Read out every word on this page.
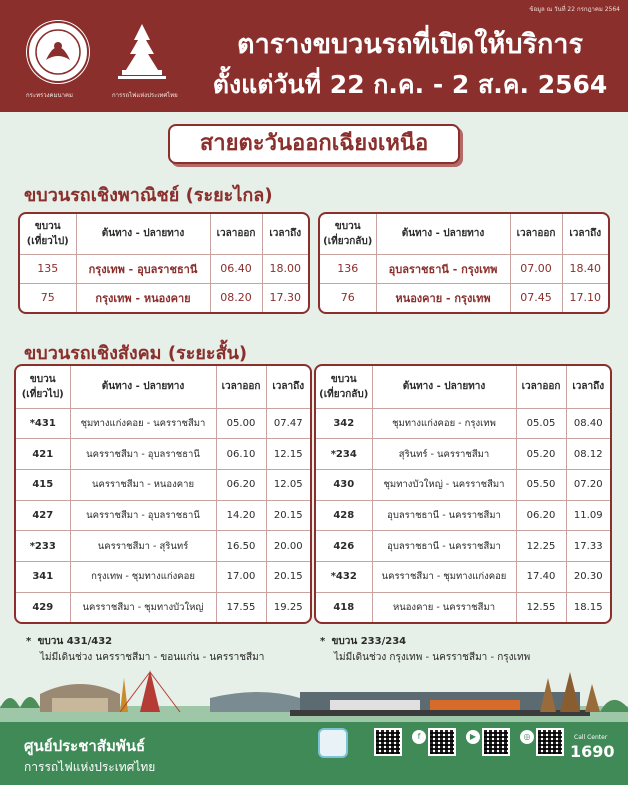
ข้อมูล ณ วันที่ 22 กรกฎาคม 2564
กระทรวงคมนาคม	การรถไฟแห่งประเทศไทย
ตารางขบวนรถที่เปิดให้บริการ
ตั้งแต่วันที่ 22 ก.ค. - 2 ส.ค. 2564
สายตะวันออกเฉียงเหนือ
ขบวนรถเชิงพาณิชย์ (ระยะไกล)
ขบวน (เที่ยวไป)	ต้นทาง - ปลายทาง	เวลาออก	เวลาถึง
135	กรุงเทพ - อุบลราชธานี	06.40	18.00
75	กรุงเทพ - หนองคาย	08.20	17.30
ขบวน (เที่ยวกลับ)	ต้นทาง - ปลายทาง	เวลาออก	เวลาถึง
136	อุบลราชธานี - กรุงเทพ	07.00	18.40
76	หนองคาย - กรุงเทพ	07.45	17.10
ขบวนรถเชิงสังคม (ระยะสั้น)
ขบวน (เที่ยวไป)	ต้นทาง - ปลายทาง	เวลาออก	เวลาถึง
*431	ชุมทางแก่งคอย - นครราชสีมา	05.00	07.47
421	นครราชสีมา - อุบลราชธานี	06.10	12.15
415	นครราชสีมา - หนองคาย	06.20	12.05
427	นครราชสีมา - อุบลราชธานี	14.20	20.15
*233	นครราชสีมา - สุรินทร์	16.50	20.00
341	กรุงเทพ - ชุมทางแก่งคอย	17.00	20.15
429	นครราชสีมา - ชุมทางบัวใหญ่	17.55	19.25
ขบวน (เที่ยวกลับ)	ต้นทาง - ปลายทาง	เวลาออก	เวลาถึง
342	ชุมทางแก่งคอย - กรุงเทพ	05.05	08.40
*234	สุรินทร์ - นครราชสีมา	05.20	08.12
430	ชุมทางบัวใหญ่ - นครราชสีมา	05.50	07.20
428	อุบลราชธานี - นครราชสีมา	06.20	11.09
426	อุบลราชธานี - นครราชสีมา	12.25	17.33
*432	นครราชสีมา - ชุมทางแก่งคอย	17.40	20.30
418	หนองคาย - นครราชสีมา	12.55	18.15
* ขบวน 431/432
ไม่มีเดินช่วง นครราชสีมา - ขอนแก่น - นครราชสีมา
* ขบวน 233/234
ไม่มีเดินช่วง กรุงเทพ - นครราชสีมา - กรุงเทพ
ศูนย์ประชาสัมพันธ์
การรถไฟแห่งประเทศไทย
f	▶	◎	Call Center
1690
